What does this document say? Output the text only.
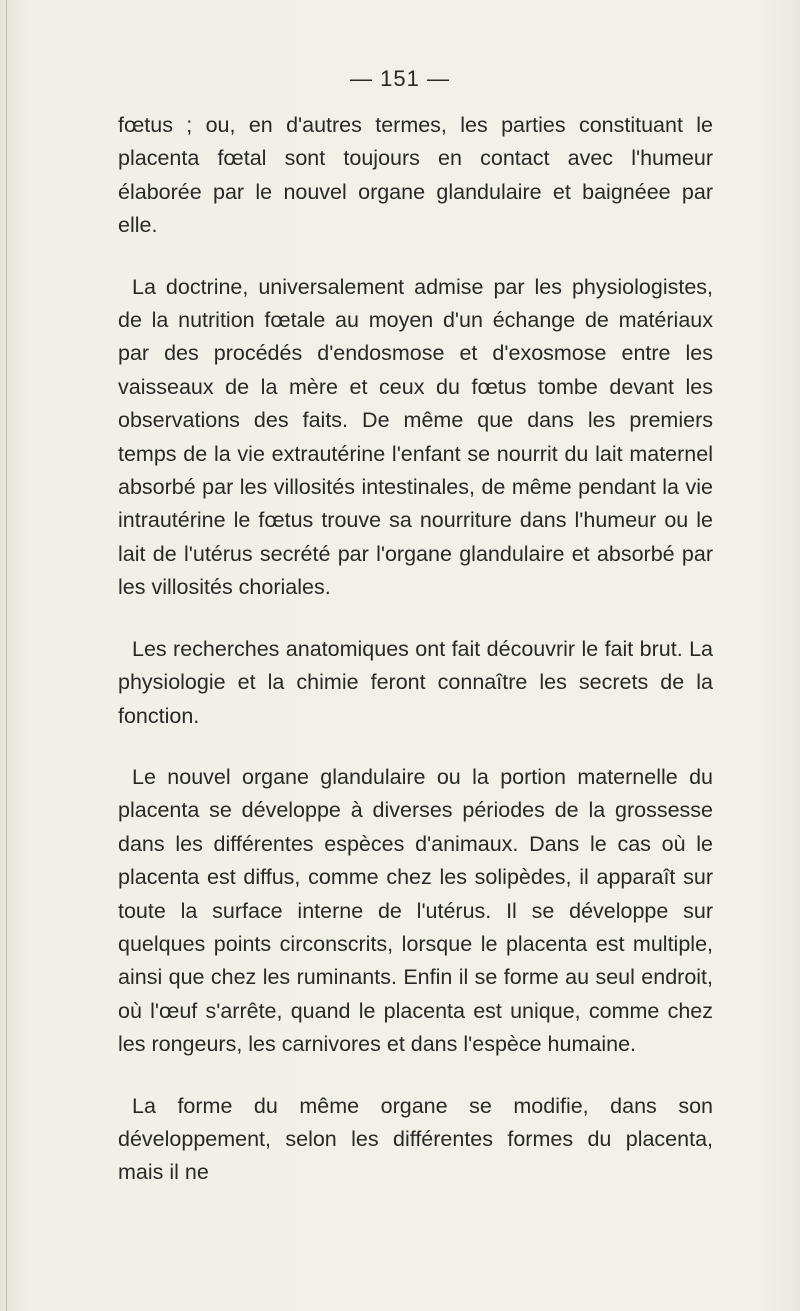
— 151 —

fœtus ; ou, en d'autres termes, les parties constituant le placenta fœtal sont toujours en contact avec l'humeur élaborée par le nouvel organe glandulaire et baignéee par elle.

La doctrine, universalement admise par les physiologistes, de la nutrition fœtale au moyen d'un échange de matériaux par des procédés d'endosmose et d'exosmose entre les vaisseaux de la mère et ceux du fœtus tombe devant les observations des faits. De même que dans les premiers temps de la vie extrautérine l'enfant se nourrit du lait maternel absorbé par les villosités intestinales, de même pendant la vie intrautérine le fœtus trouve sa nourriture dans l'humeur ou le lait de l'utérus secrété par l'organe glandulaire et absorbé par les villosités choriales.

Les recherches anatomiques ont fait découvrir le fait brut. La physiologie et la chimie feront connaître les secrets de la fonction.

Le nouvel organe glandulaire ou la portion maternelle du placenta se développe à diverses périodes de la grossesse dans les différentes espèces d'animaux. Dans le cas où le placenta est diffus, comme chez les solipèdes, il apparaît sur toute la surface interne de l'utérus. Il se développe sur quelques points circonscrits, lorsque le placenta est multiple, ainsi que chez les ruminants. Enfin il se forme au seul endroit, où l'œuf s'arrête, quand le placenta est unique, comme chez les rongeurs, les carnivores et dans l'espèce humaine.

La forme du même organe se modifie, dans son développement, selon les différentes formes du placenta, mais il ne
